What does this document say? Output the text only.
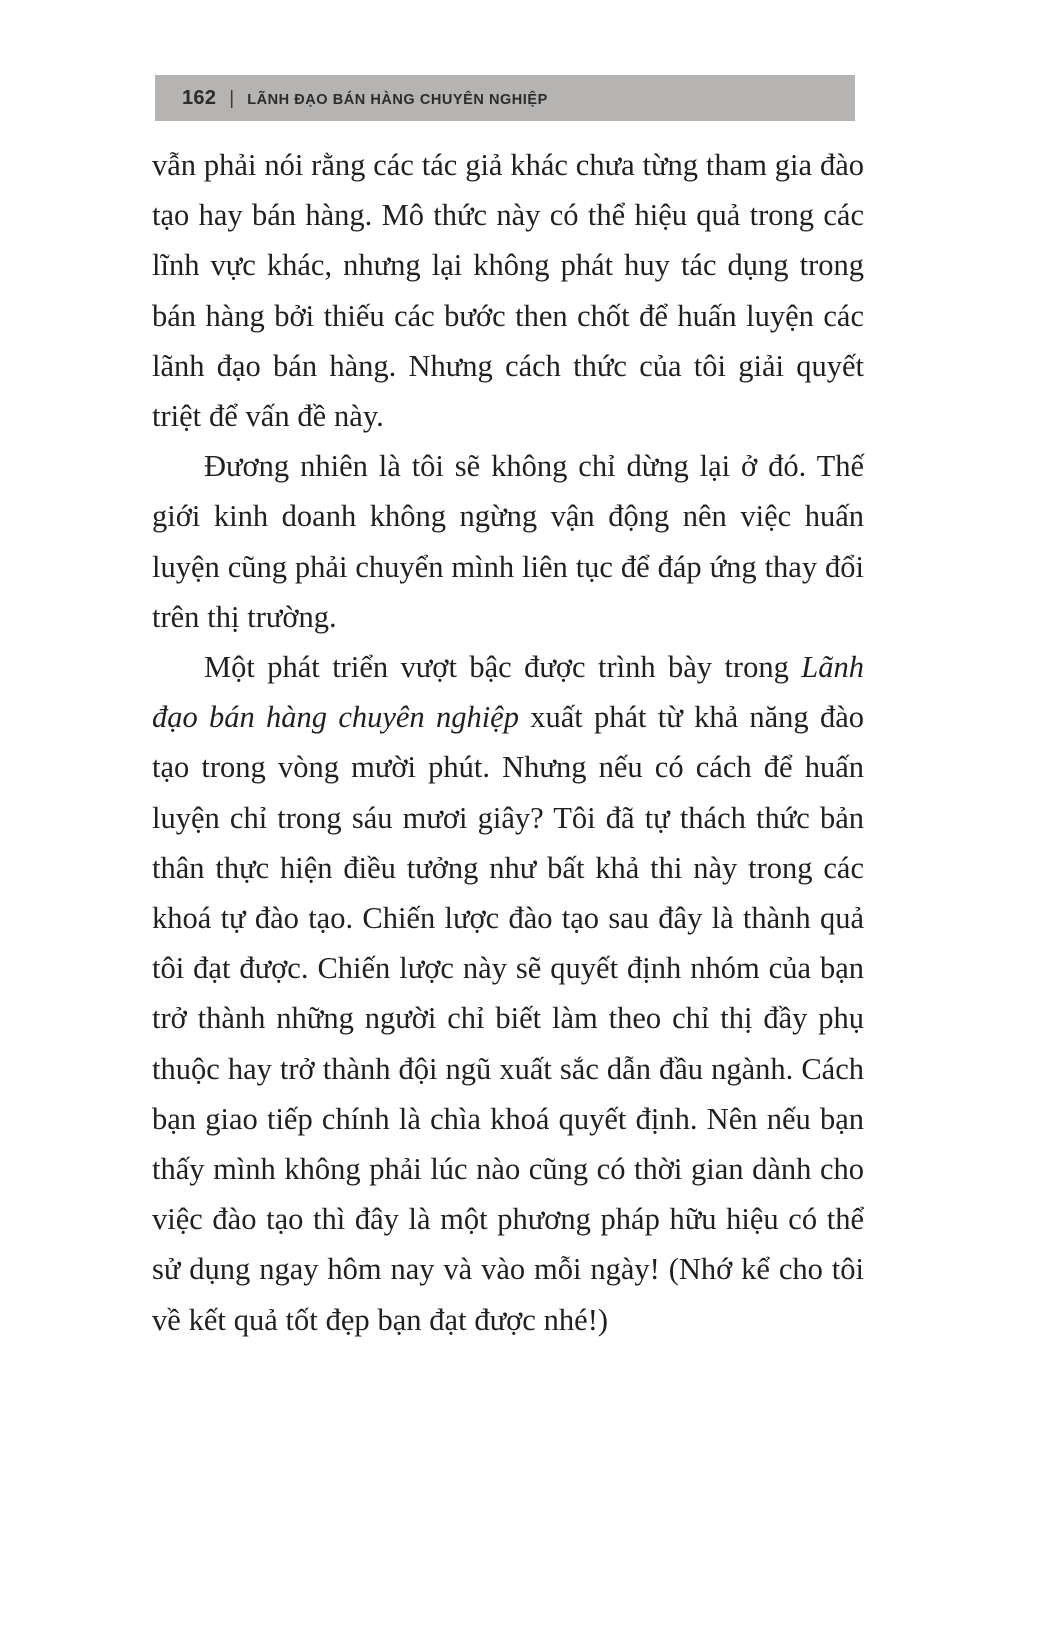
162 | LÃNH ĐẠO BÁN HÀNG CHUYÊN NGHIỆP

vẫn phải nói rằng các tác giả khác chưa từng tham gia đào tạo hay bán hàng. Mô thức này có thể hiệu quả trong các lĩnh vực khác, nhưng lại không phát huy tác dụng trong bán hàng bởi thiếu các bước then chốt để huấn luyện các lãnh đạo bán hàng. Nhưng cách thức của tôi giải quyết triệt để vấn đề này.

Đương nhiên là tôi sẽ không chỉ dừng lại ở đó. Thế giới kinh doanh không ngừng vận động nên việc huấn luyện cũng phải chuyển mình liên tục để đáp ứng thay đổi trên thị trường.

Một phát triển vượt bậc được trình bày trong Lãnh đạo bán hàng chuyên nghiệp xuất phát từ khả năng đào tạo trong vòng mười phút. Nhưng nếu có cách để huấn luyện chỉ trong sáu mươi giây? Tôi đã tự thách thức bản thân thực hiện điều tưởng như bất khả thi này trong các khoá tự đào tạo. Chiến lược đào tạo sau đây là thành quả tôi đạt được. Chiến lược này sẽ quyết định nhóm của bạn trở thành những người chỉ biết làm theo chỉ thị đầy phụ thuộc hay trở thành đội ngũ xuất sắc dẫn đầu ngành. Cách bạn giao tiếp chính là chìa khoá quyết định. Nên nếu bạn thấy mình không phải lúc nào cũng có thời gian dành cho việc đào tạo thì đây là một phương pháp hữu hiệu có thể sử dụng ngay hôm nay và vào mỗi ngày! (Nhớ kể cho tôi về kết quả tốt đẹp bạn đạt được nhé!)
